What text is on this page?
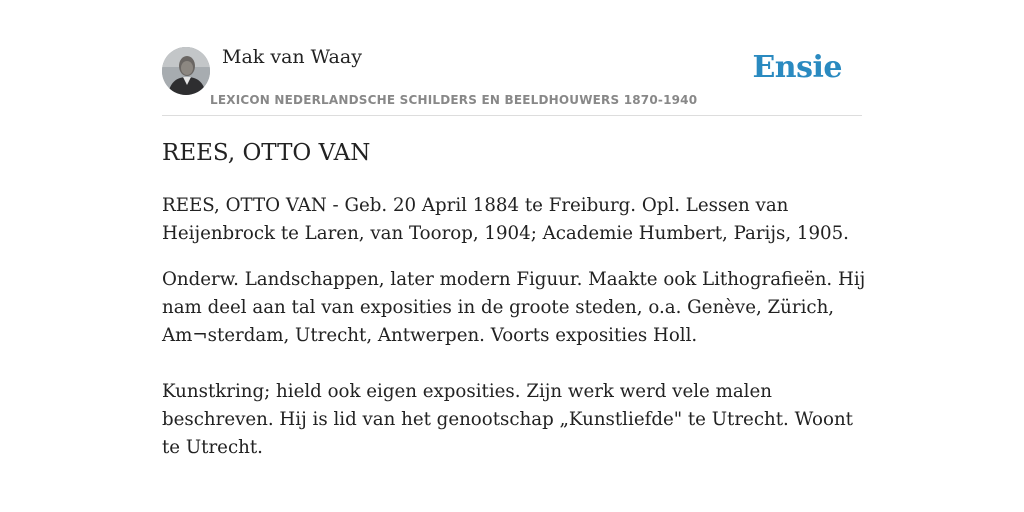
Mak van Waay
LEXICON NEDERLANDSCHE SCHILDERS EN BEELDHOUWERS 1870-1940
Ensie
REES, OTTO VAN

REES, OTTO VAN - Geb. 20 April 1884 te Freiburg. Opl. Lessen van Heijenbrock te Laren, van Toorop, 1904; Academie Humbert, Parijs, 1905.

Onderw. Landschappen, later modern Figuur. Maakte ook Lithografieën. Hij nam deel aan tal van exposities in de groote steden, o.a. Genève, Zürich, Am¬sterdam, Utrecht, Antwerpen. Voorts exposities Holl.

Kunstkring; hield ook eigen exposities. Zijn werk werd vele malen beschreven. Hij is lid van het genootschap „Kunstliefde" te Utrecht. Woont te Utrecht.
